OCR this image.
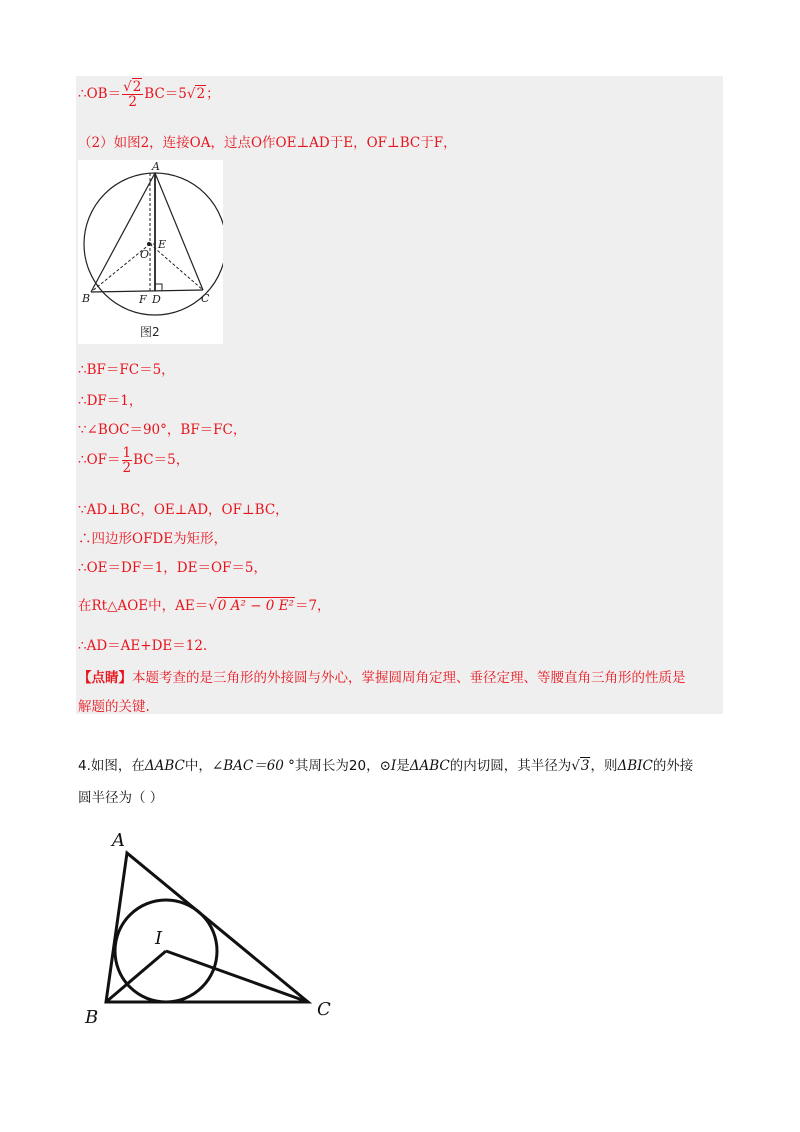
∴OB＝ $\frac{√2}{2} BC=5√2$；
（2）如图2，连接OA，过点O作OE⊥AD于E，OF⊥BC于F，
A
B	C
O
E
F D
图2
∴BF＝FC＝5，
∴DF＝1，
∵∠BOC＝90°，BF＝FC，
∴OF＝ $\frac{1}{2} BC=5$，
∵AD⊥BC，OE⊥AD，OF⊥BC，
∴四边形OFDE为矩形，
∴OE＝DF＝1，DE＝OF＝5，
在Rt△AOE中，AE＝√0 A² − 0 E²＝7，
∴AD＝AE+DE＝12.
【点睛】本题考查的是三角形的外接圆与外心，掌握圆周角定理、垂径定理、等腰直角三角形的性质是
解题的关键.
4.如图，在ΔABC中，∠BAC＝60 °其周长为20，⊙I是ΔABC的内切圆，其半径为√3，则ΔBIC的外接
圆半径为（ ）
A
B	C
I
